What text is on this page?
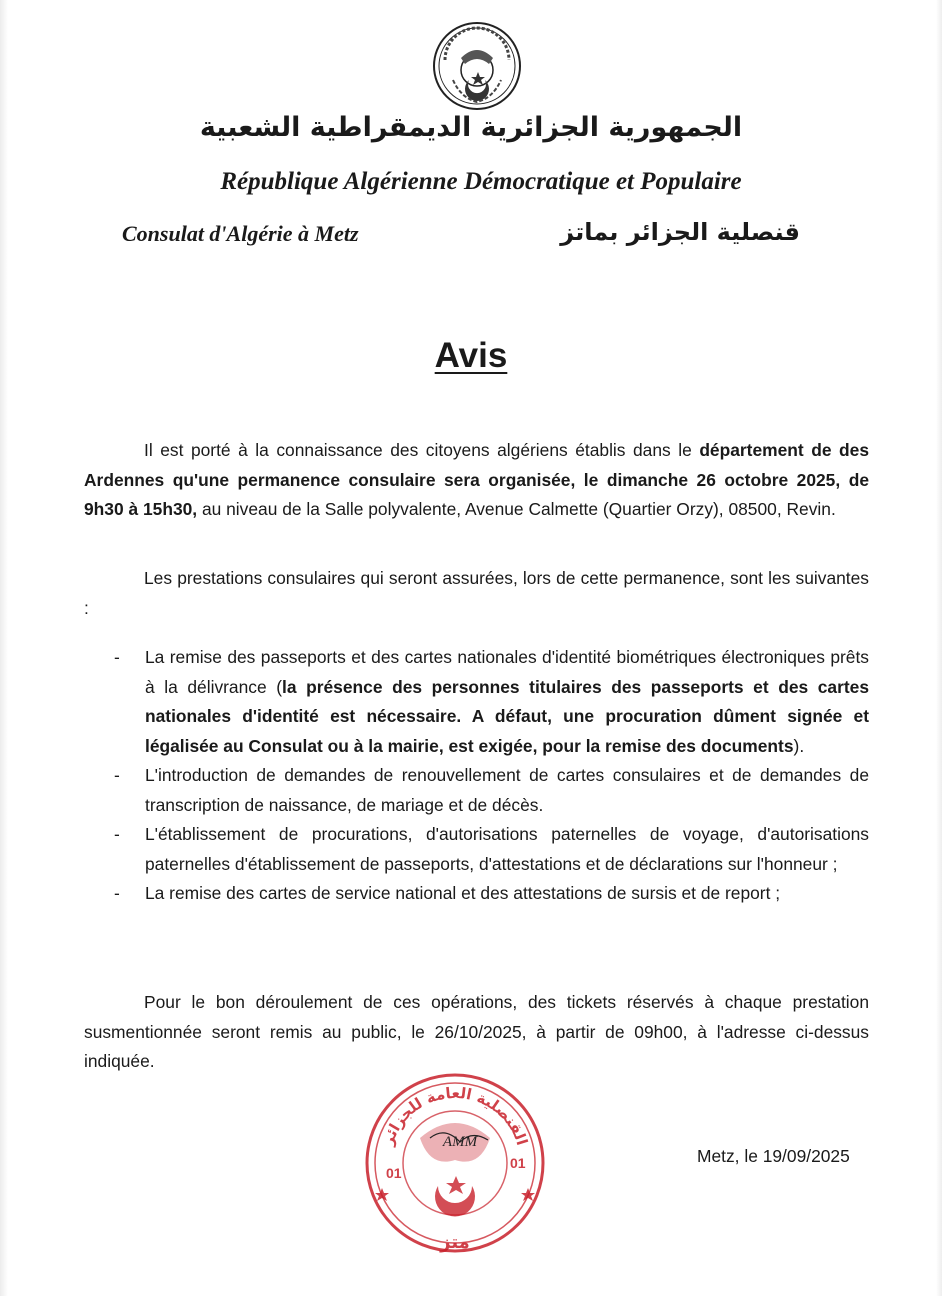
الجمهورية الجزائرية الديمقراطية الشعبية
République Algérienne Démocratique et Populaire
Consulat d'Algérie à Metz	قنصلية الجزائر بماتز
Avis
Il est porté à la connaissance des citoyens algériens établis dans le département de des Ardennes qu'une permanence consulaire sera organisée, le dimanche 26 octobre 2025, de 9h30 à 15h30, au niveau de la Salle polyvalente, Avenue Calmette (Quartier Orzy), 08500, Revin.
Les prestations consulaires qui seront assurées, lors de cette permanence, sont les suivantes :
- La remise des passeports et des cartes nationales d'identité biométriques électroniques prêts à la délivrance (la présence des personnes titulaires des passeports et des cartes nationales d'identité est nécessaire. A défaut, une procuration dûment signée et légalisée au Consulat ou à la mairie, est exigée, pour la remise des documents).
- L'introduction de demandes de renouvellement de cartes consulaires et de demandes de transcription de naissance, de mariage et de décès.
- L'établissement de procurations, d'autorisations paternelles de voyage, d'autorisations paternelles d'établissement de passeports, d'attestations et de déclarations sur l'honneur ;
- La remise des cartes de service national et des attestations de sursis et de report ;
Pour le bon déroulement de ces opérations, des tickets réservés à chaque prestation susmentionnée seront remis au public, le 26/10/2025, à partir de 09h00, à l'adresse ci-dessus indiquée.
القنصلية العامة للجزائر
01
01
متز
AMM
Metz, le 19/09/2025
